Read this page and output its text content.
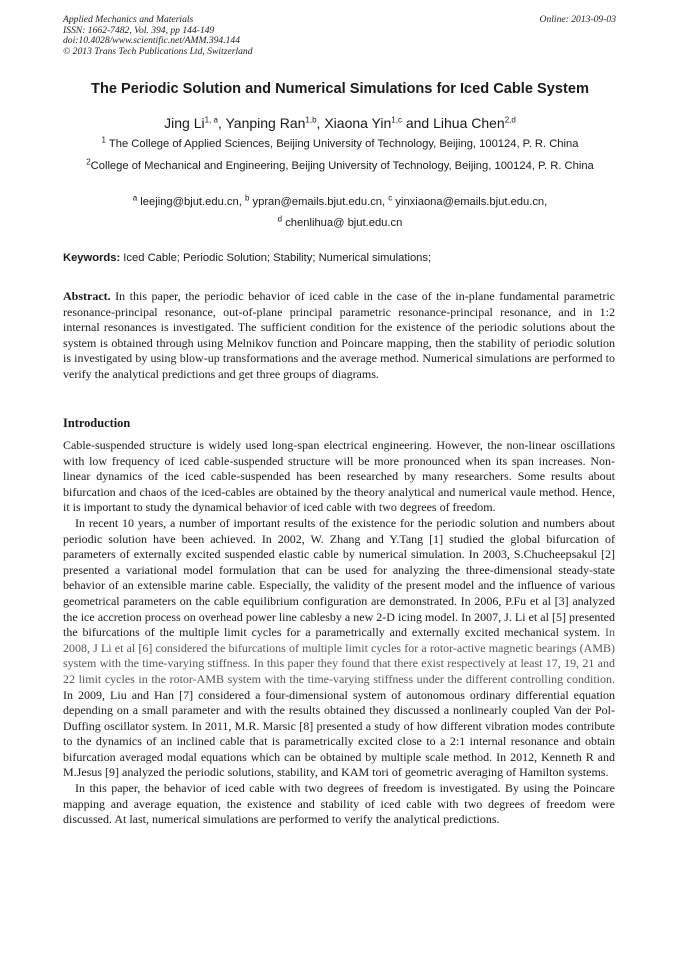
Applied Mechanics and Materials
ISSN: 1662-7482, Vol. 394, pp 144-149
doi:10.4028/www.scientific.net/AMM.394.144
© 2013 Trans Tech Publications Ltd, Switzerland
Online: 2013-09-03
The Periodic Solution and Numerical Simulations for Iced Cable System
Jing Li$^{1, a}$, Yanping Ran$^{1,b}$, Xiaona Yin$^{1,c}$ and Lihua Chen$^{2,d}$
$^1$ The College of Applied Sciences, Beijing University of Technology, Beijing, 100124, P. R. China
$^2$College of Mechanical and Engineering, Beijing University of Technology, Beijing, 100124, P. R. China
$^a$ leejing@bjut.edu.cn, $^b$ ypran@emails.bjut.edu.cn, $^c$ yinxiaona@emails.bjut.edu.cn,
$^d$ chenlihua@ bjut.edu.cn
Keywords: Iced Cable; Periodic Solution; Stability; Numerical simulations;
Abstract. In this paper, the periodic behavior of iced cable in the case of the in-plane fundamental parametric resonance-principal resonance, out-of-plane principal parametric resonance-principal resonance, and in 1:2 internal resonances is investigated. The sufficient condition for the existence of the periodic solutions about the system is obtained through using Melnikov function and Poincare mapping, then the stability of periodic solution is investigated by using blow-up transformations and the average method. Numerical simulations are performed to verify the analytical predictions and get three groups of diagrams.
Introduction

Cable-suspended structure is widely used long-span electrical engineering. However, the non-linear oscillations with low frequency of iced cable-suspended structure will be more pronounced when its span increases. Non-linear dynamics of the iced cable-suspended has been researched by many researchers. Some results about bifurcation and chaos of the iced-cables are obtained by the theory analytical and numerical vaule method. Hence, it is important to study the dynamical behavior of iced cable with two degrees of freedom.

In recent 10 years, a number of important results of the existence for the periodic solution and numbers about periodic solution have been achieved. In 2002, W. Zhang and Y.Tang [1] studied the global bifurcation of parameters of externally excited suspended elastic cable by numerical simulation. In 2003, S.Chucheepsakul [2] presented a variational model formulation that can be used for analyzing the three-dimensional steady-state behavior of an extensible marine cable. Especially, the validity of the present model and the influence of various geometrical parameters on the cable equilibrium configuration are demonstrated. In 2006, P.Fu et al [3] analyzed the ice accretion process on overhead power line cablesby a new 2-D icing model. In 2007, J. Li et al [5] presented the bifurcations of the multiple limit cycles for a parametrically and externally excited mechanical system. In 2008, J Li et al [6] considered the bifurcations of multiple limit cycles for a rotor-active magnetic bearings (AMB) system with the time-varying stiffness. In this paper they found that there exist respectively at least 17, 19, 21 and 22 limit cycles in the rotor-AMB system with the time-varying stiffness under the different controlling condition. In 2009, Liu and Han [7] considered a four-dimensional system of autonomous ordinary differential equation depending on a small parameter and with the results obtained they discussed a nonlinearly coupled Van der Pol-Duffing oscillator system. In 2011, M.R. Marsic [8] presented a study of how different vibration modes contribute to the dynamics of an inclined cable that is parametrically excited close to a 2:1 internal resonance and obtain bifurcation averaged modal equations which can be obtained by multiple scale method. In 2012, Kenneth R and M.Jesus [9] analyzed the periodic solutions, stability, and KAM tori of geometric averaging of Hamilton systems.

In this paper, the behavior of iced cable with two degrees of freedom is investigated. By using the Poincare mapping and average equation, the existence and stability of iced cable with two degrees of freedom were discussed. At last, numerical simulations are performed to verify the analytical predictions.
